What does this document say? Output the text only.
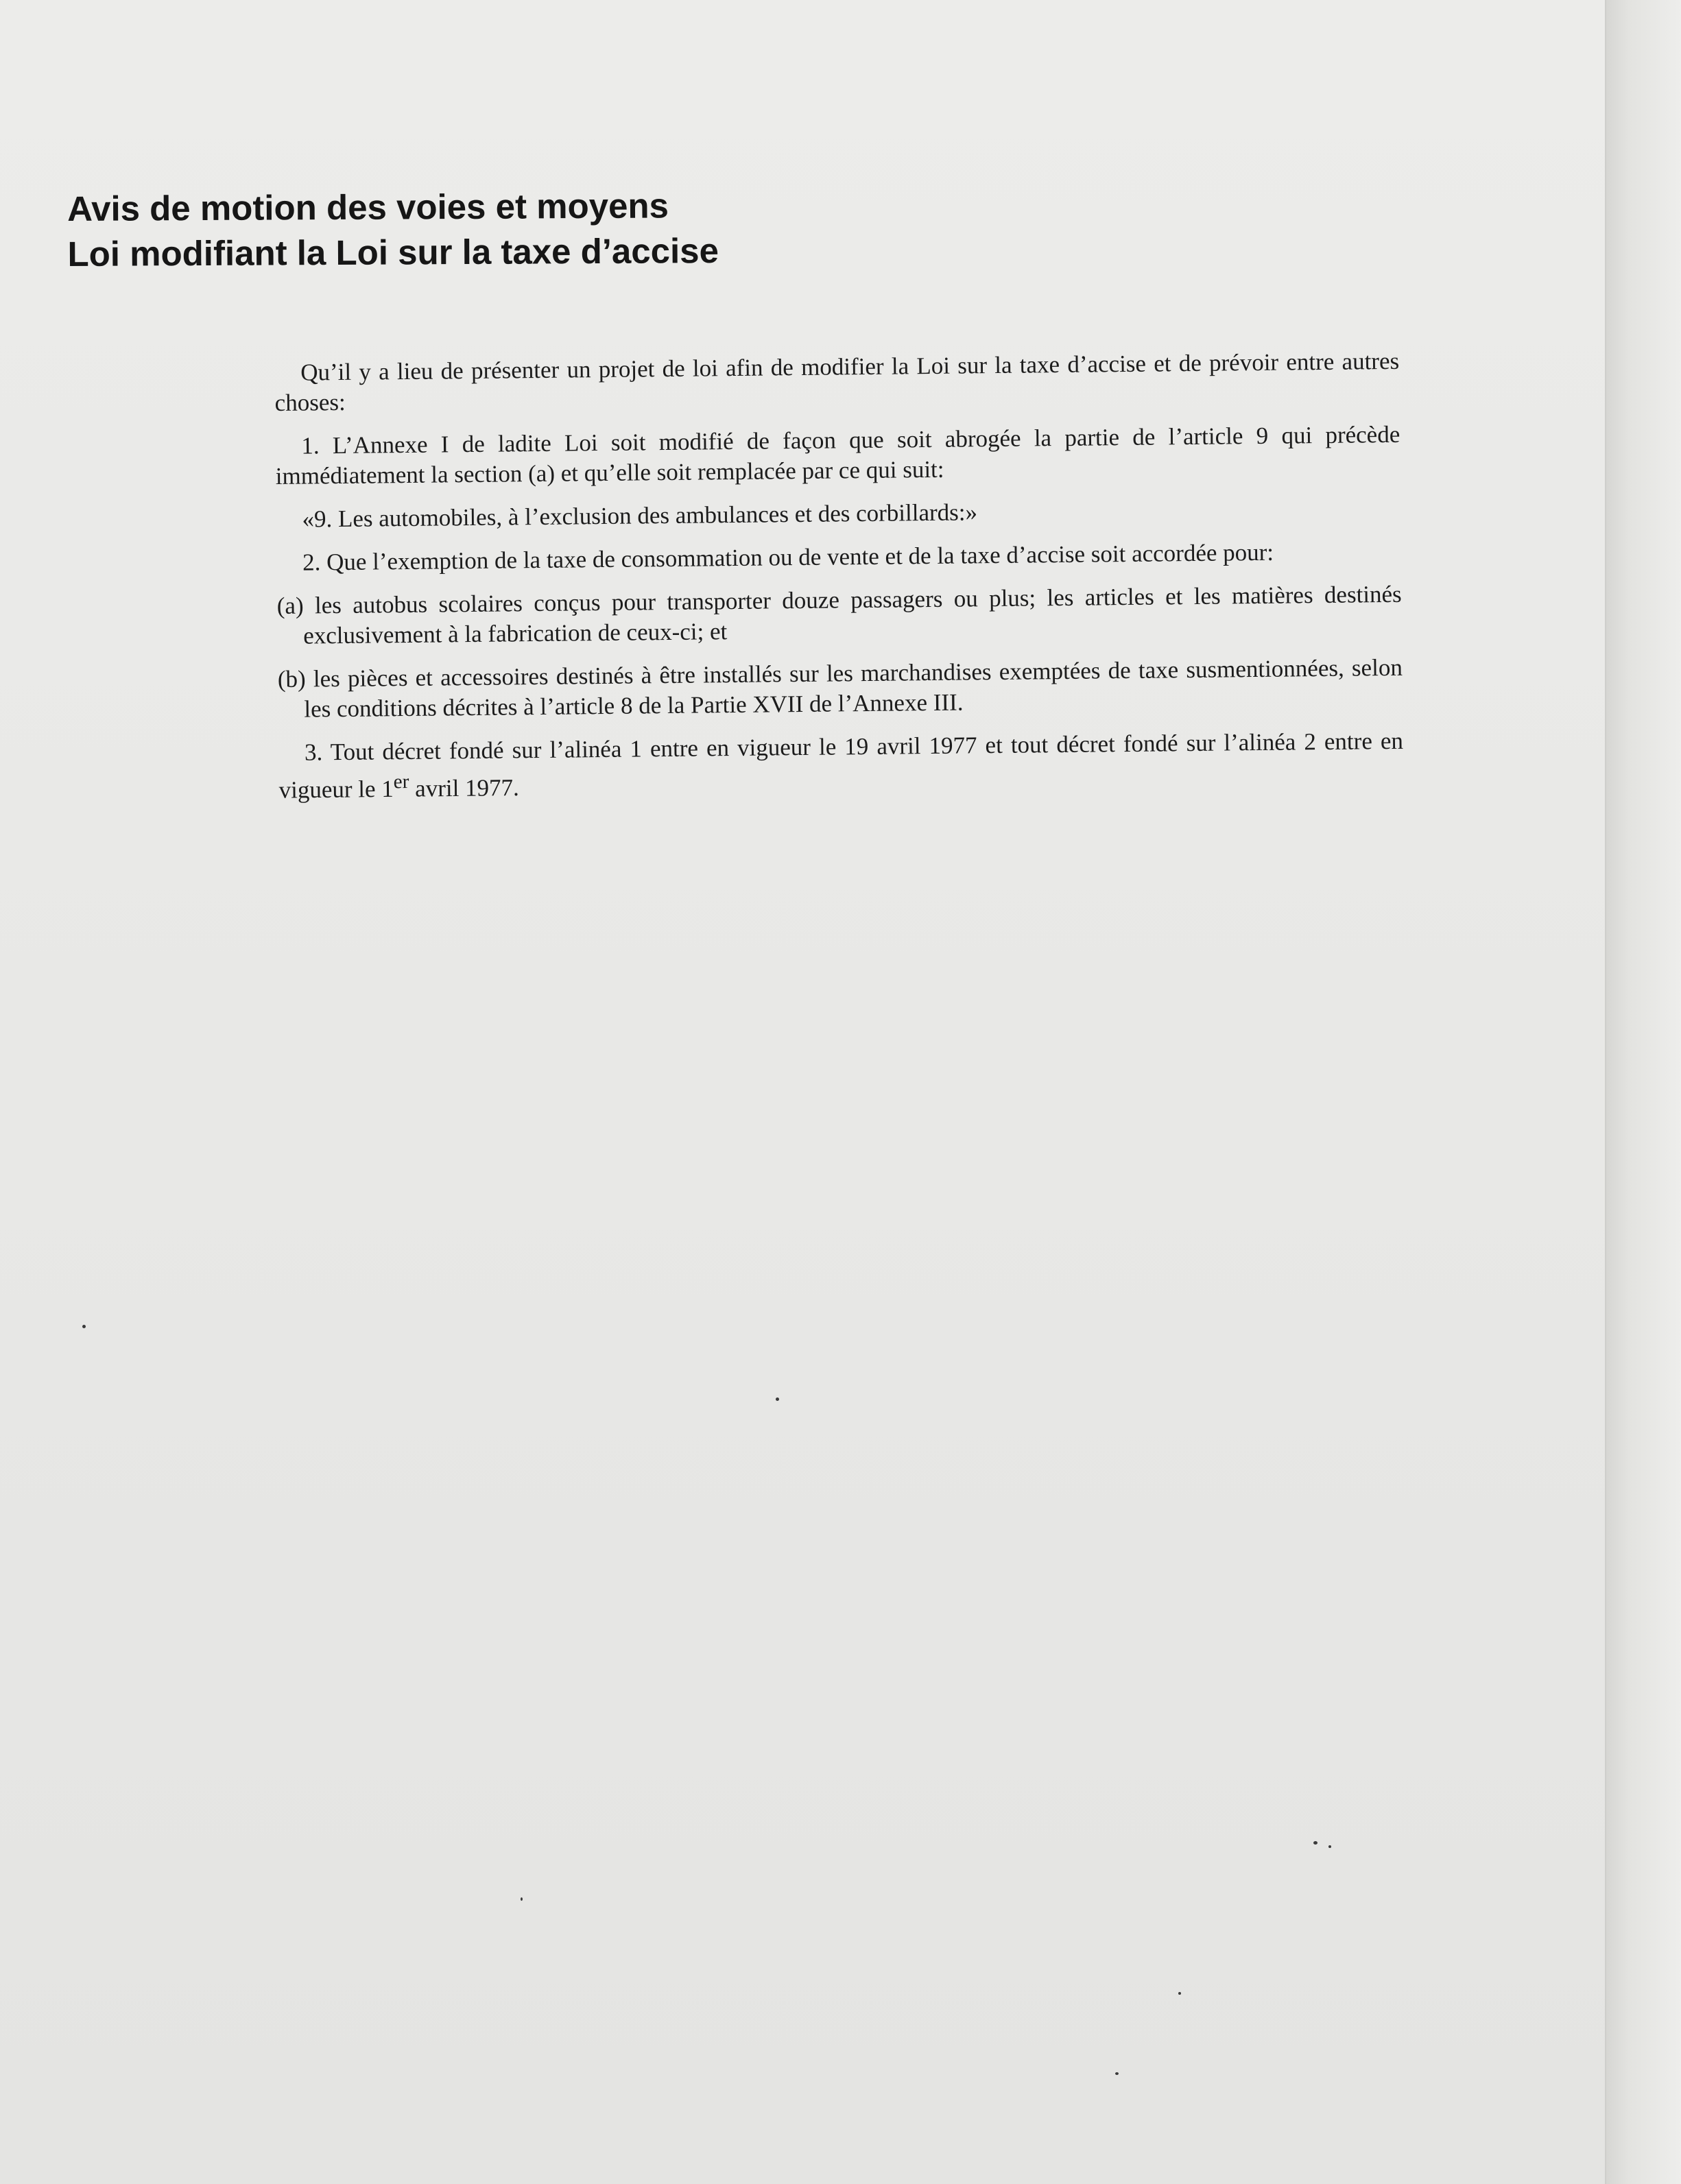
Avis de motion des voies et moyens
Loi modifiant la Loi sur la taxe d’accise

Qu’il y a lieu de présenter un projet de loi afin de modifier la Loi sur la taxe d’accise et de prévoir entre autres choses:

1. L’Annexe I de ladite Loi soit modifié de façon que soit abrogée la partie de l’article 9 qui précède immédiatement la section (a) et qu’elle soit remplacée par ce qui suit:

«9. Les automobiles, à l’exclusion des ambulances et des corbillards:»

2. Que l’exemption de la taxe de consommation ou de vente et de la taxe d’accise soit accordée pour:

(a) les autobus scolaires conçus pour transporter douze passagers ou plus; les articles et les matières destinés exclusivement à la fabrication de ceux-ci; et

(b) les pièces et accessoires destinés à être installés sur les marchandises exemptées de taxe susmentionnées, selon les conditions décrites à l’article 8 de la Partie XVII de l’Annexe III.

3. Tout décret fondé sur l’alinéa 1 entre en vigueur le 19 avril 1977 et tout décret fondé sur l’alinéa 2 entre en vigueur le 1er avril 1977.
